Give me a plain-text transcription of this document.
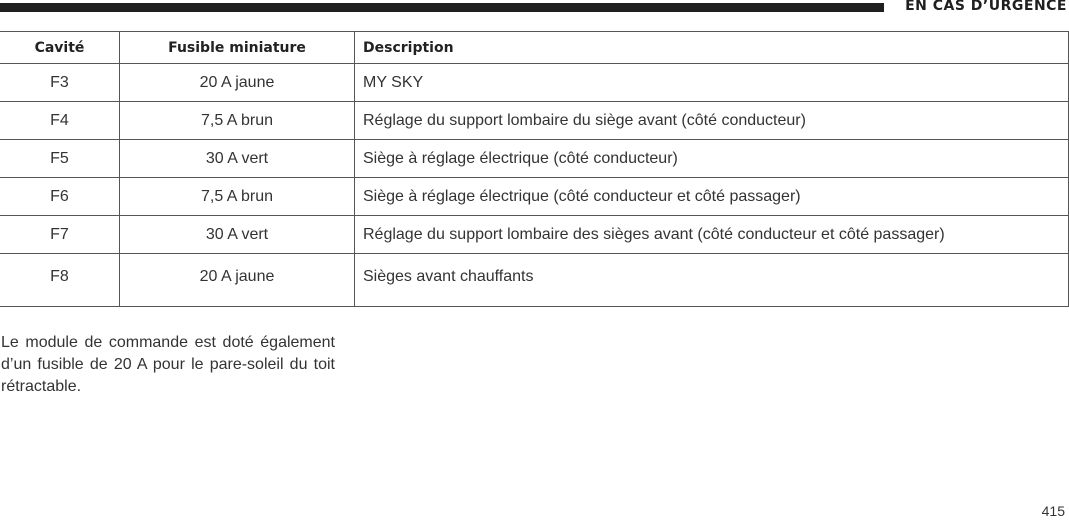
EN CAS D’URGENCE
Cavité	Fusible miniature	Description
F3	20 A jaune	MY SKY
F4	7,5 A brun	Réglage du support lombaire du siège avant (côté conducteur)
F5	30 A vert	Siège à réglage électrique (côté conducteur)
F6	7,5 A brun	Siège à réglage électrique (côté conducteur et côté passager)
F7	30 A vert	Réglage du support lombaire des sièges avant (côté conducteur et côté passager)
F8	20 A jaune	Sièges avant chauffants

Le module de commande est doté également d’un fusible de 20 A pour le pare-soleil du toit rétractable.

415
